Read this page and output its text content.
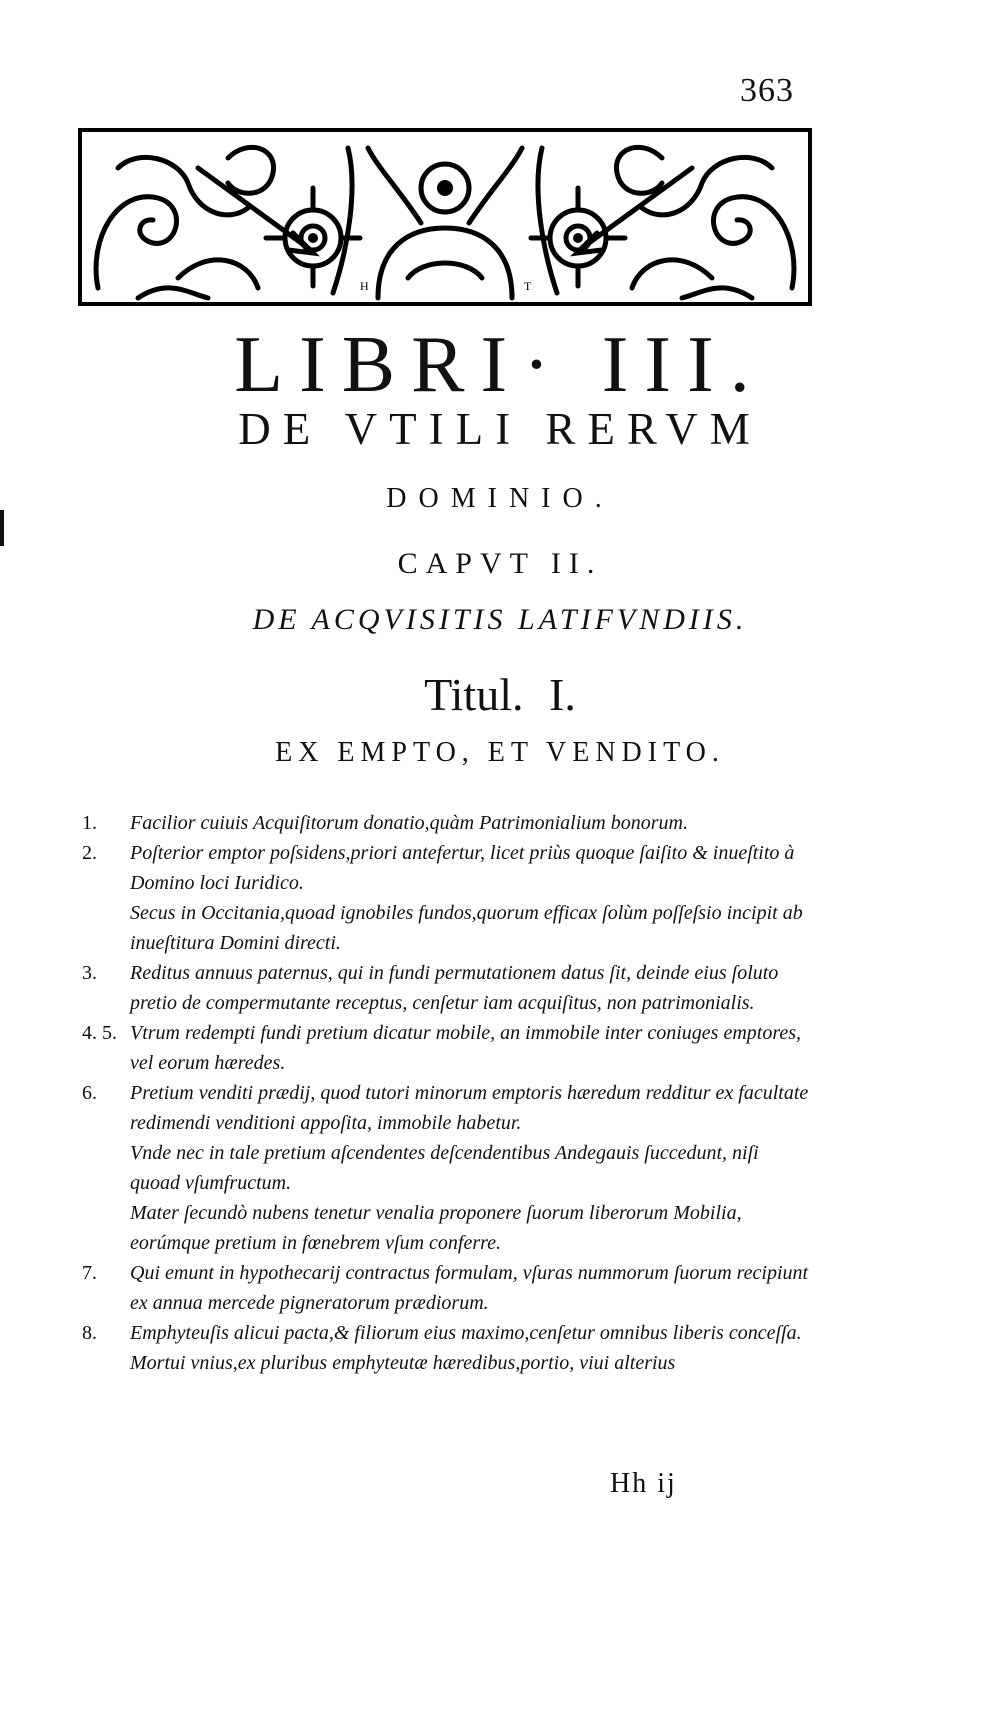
363
H	T
LIBRI· III.
DE VTILI RERVM
DOMINIO.
CAPVT II.
DE ACQVISITIS LATIFVNDIIS.
Titul. I.
EX EMPTO, ET VENDITO.

1.	Facilior cuiuis Acquiſitorum donatio,quàm Patrimonialium bonorum.

2.	Poſterior emptor poſsidens,priori antefertur, licet priùs quoque ſaiſito & inueſtito à Domino loci Iuridico.

Secus in Occitania,quoad ignobiles fundos,quorum efficax ſolùm poſſeſsio incipit ab inueſtitura Domini directi.

3.	Reditus annuus paternus, qui in fundi permutationem datus ſit, deinde eius ſoluto pretio de compermutante receptus, cenſetur iam acquiſitus, non patrimonialis.

4. 5. Vtrum redempti fundi pretium dicatur mobile, an immobile inter coniuges emptores, vel eorum hæredes.

6.	Pretium venditi prædij, quod tutori minorum emptoris hæredum redditur ex facultate redimendi venditioni appoſita, immobile habetur.

Vnde nec in tale pretium aſcendentes deſcendentibus Andegauis ſuccedunt, niſi quoad vſumfructum.

Mater ſecundò nubens tenetur venalia proponere ſuorum liberorum Mobilia, eorúmque pretium in fœnebrem vſum conferre.

7.	Qui emunt in hypothecarij contractus formulam, vſuras nummorum ſuorum recipiunt ex annua mercede pigneratorum prædiorum.

8.	Emphyteuſis alicui pacta,& filiorum eius maximo,cenſetur omnibus liberis conceſſa.

Mortui vnius,ex pluribus emphyteutæ hæredibus,portio, viui alterius

Hh ij
